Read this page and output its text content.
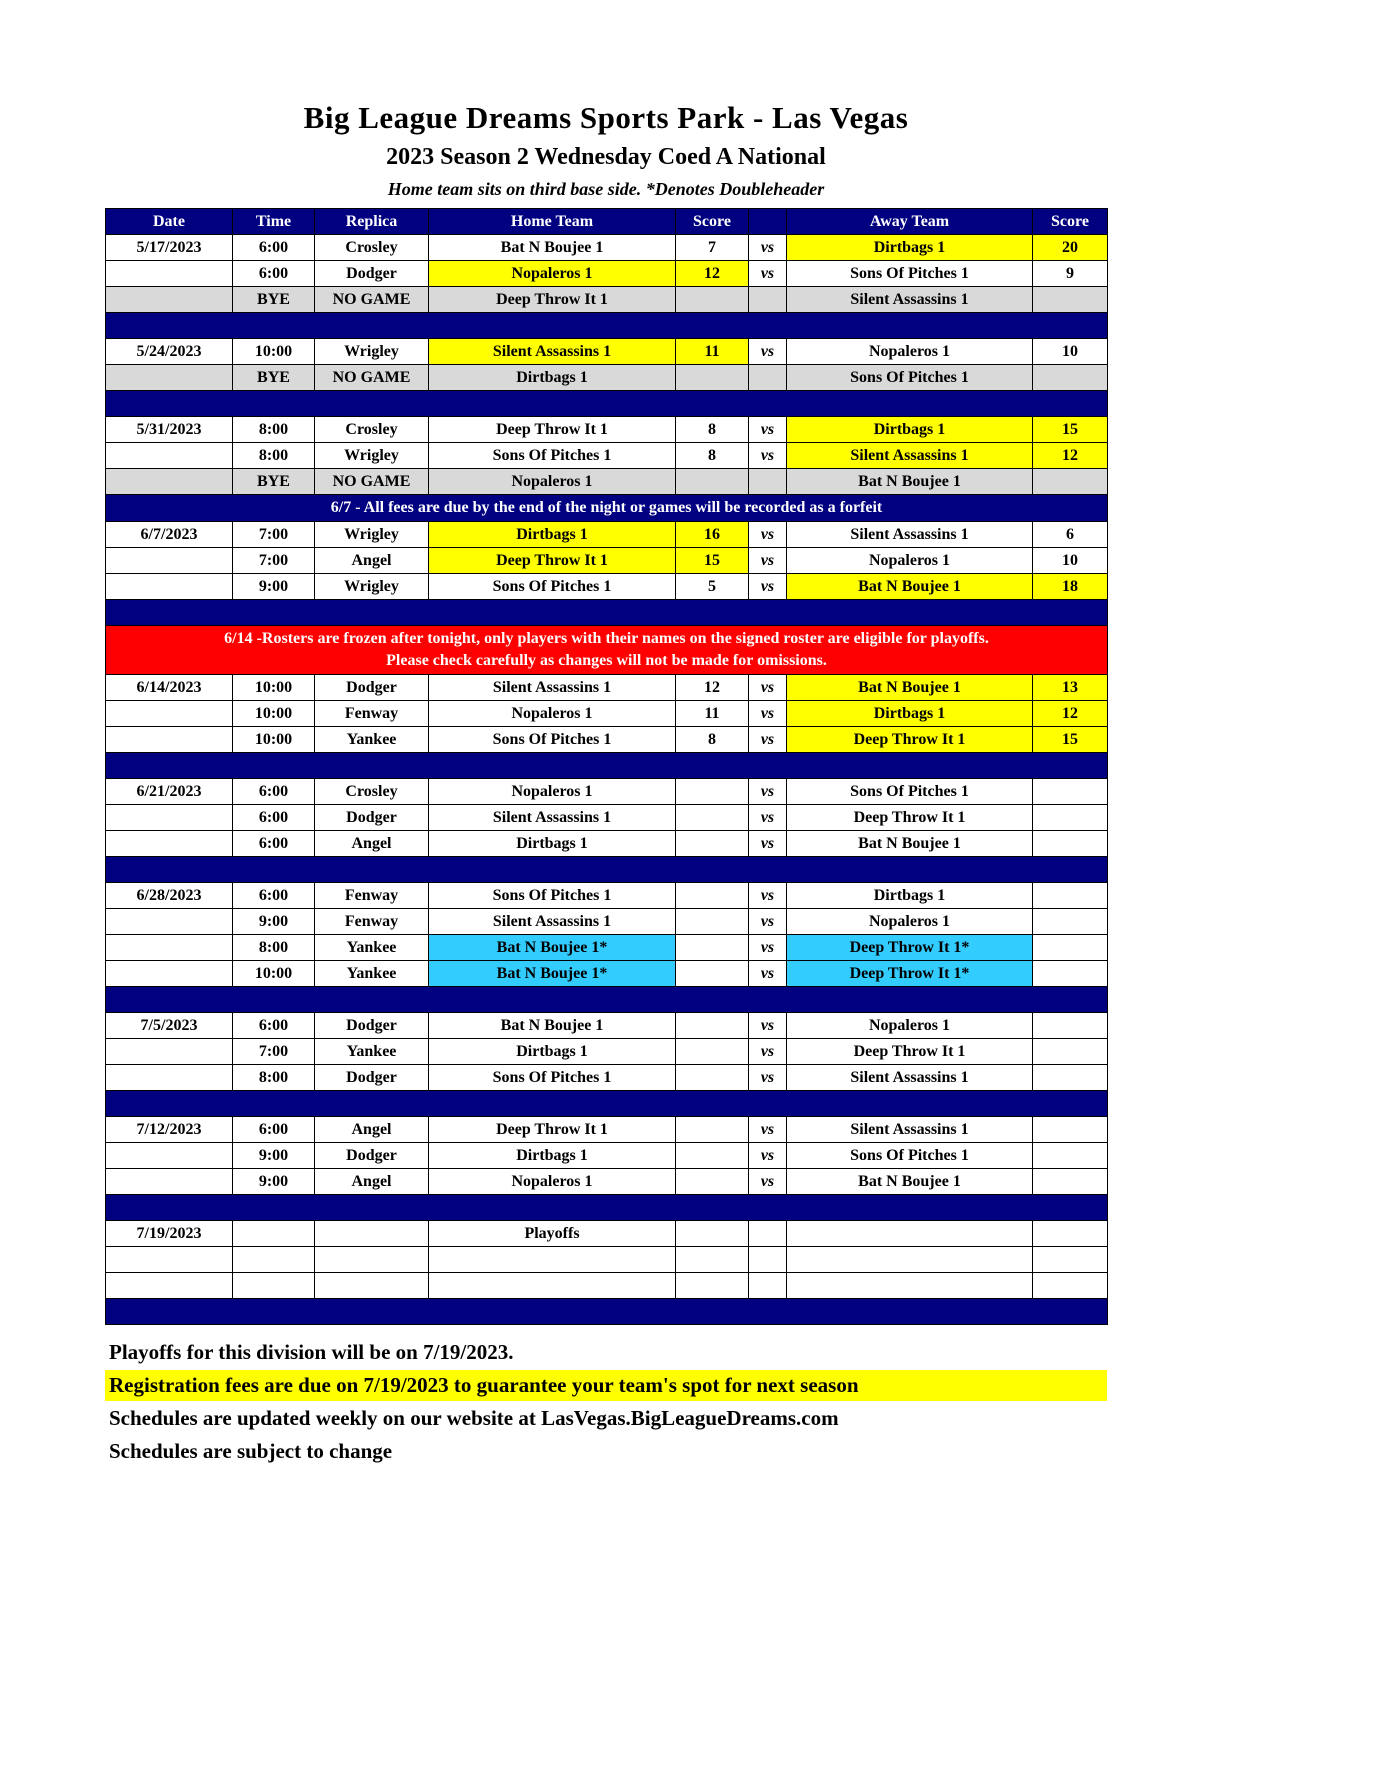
Big League Dreams Sports Park - Las Vegas
2023 Season 2 Wednesday Coed A National
Home team sits on third base side. *Denotes Doubleheader
Date	Time	Replica	Home Team	Score		Away Team	Score
5/17/2023	6:00	Crosley	Bat N Boujee 1	7	vs	Dirtbags 1	20
	6:00	Dodger	Nopaleros 1	12	vs	Sons Of Pitches 1	9
	BYE	NO GAME	Deep Throw It 1			Silent Assassins 1	

5/24/2023	10:00	Wrigley	Silent Assassins 1	11	vs	Nopaleros 1	10
	BYE	NO GAME	Dirtbags 1			Sons Of Pitches 1	

5/31/2023	8:00	Crosley	Deep Throw It 1	8	vs	Dirtbags 1	15
	8:00	Wrigley	Sons Of Pitches 1	8	vs	Silent Assassins 1	12
	BYE	NO GAME	Nopaleros 1			Bat N Boujee 1	

6/7 - All fees are due by the end of the night or games will be recorded as a forfeit							

6/7/2023	7:00	Wrigley	Dirtbags 1	16	vs	Silent Assassins 1	6
	7:00	Angel	Deep Throw It 1	15	vs	Nopaleros 1	10
	9:00	Wrigley	Sons Of Pitches 1	5	vs	Bat N Boujee 1	18

6/14 -Rosters are frozen after tonight, only players with their names on the signed roster are eligible for playoffs.
Please check carefully as changes will not be made for omissions.							

6/14/2023	10:00	Dodger	Silent Assassins 1	12	vs	Bat N Boujee 1	13
	10:00	Fenway	Nopaleros 1	11	vs	Dirtbags 1	12
	10:00	Yankee	Sons Of Pitches 1	8	vs	Deep Throw It 1	15

6/21/2023	6:00	Crosley	Nopaleros 1		vs	Sons Of Pitches 1	
	6:00	Dodger	Silent Assassins 1		vs	Deep Throw It 1	
	6:00	Angel	Dirtbags 1		vs	Bat N Boujee 1	

6/28/2023	6:00	Fenway	Sons Of Pitches 1		vs	Dirtbags 1	
	9:00	Fenway	Silent Assassins 1		vs	Nopaleros 1	
	8:00	Yankee	Bat N Boujee 1*		vs	Deep Throw It 1*	
	10:00	Yankee	Bat N Boujee 1*		vs	Deep Throw It 1*	

7/5/2023	6:00	Dodger	Bat N Boujee 1		vs	Nopaleros 1	
	7:00	Yankee	Dirtbags 1		vs	Deep Throw It 1	
	8:00	Dodger	Sons Of Pitches 1		vs	Silent Assassins 1	

7/12/2023	6:00	Angel	Deep Throw It 1		vs	Silent Assassins 1	
	9:00	Dodger	Dirtbags 1		vs	Sons Of Pitches 1	
	9:00	Angel	Nopaleros 1		vs	Bat N Boujee 1	

7/19/2023			Playoffs				

Playoffs for this division will be on 7/19/2023.
Registration fees are due on 7/19/2023 to guarantee your team's spot for next season
Schedules are updated weekly on our website at LasVegas.BigLeagueDreams.com
Schedules are subject to change
